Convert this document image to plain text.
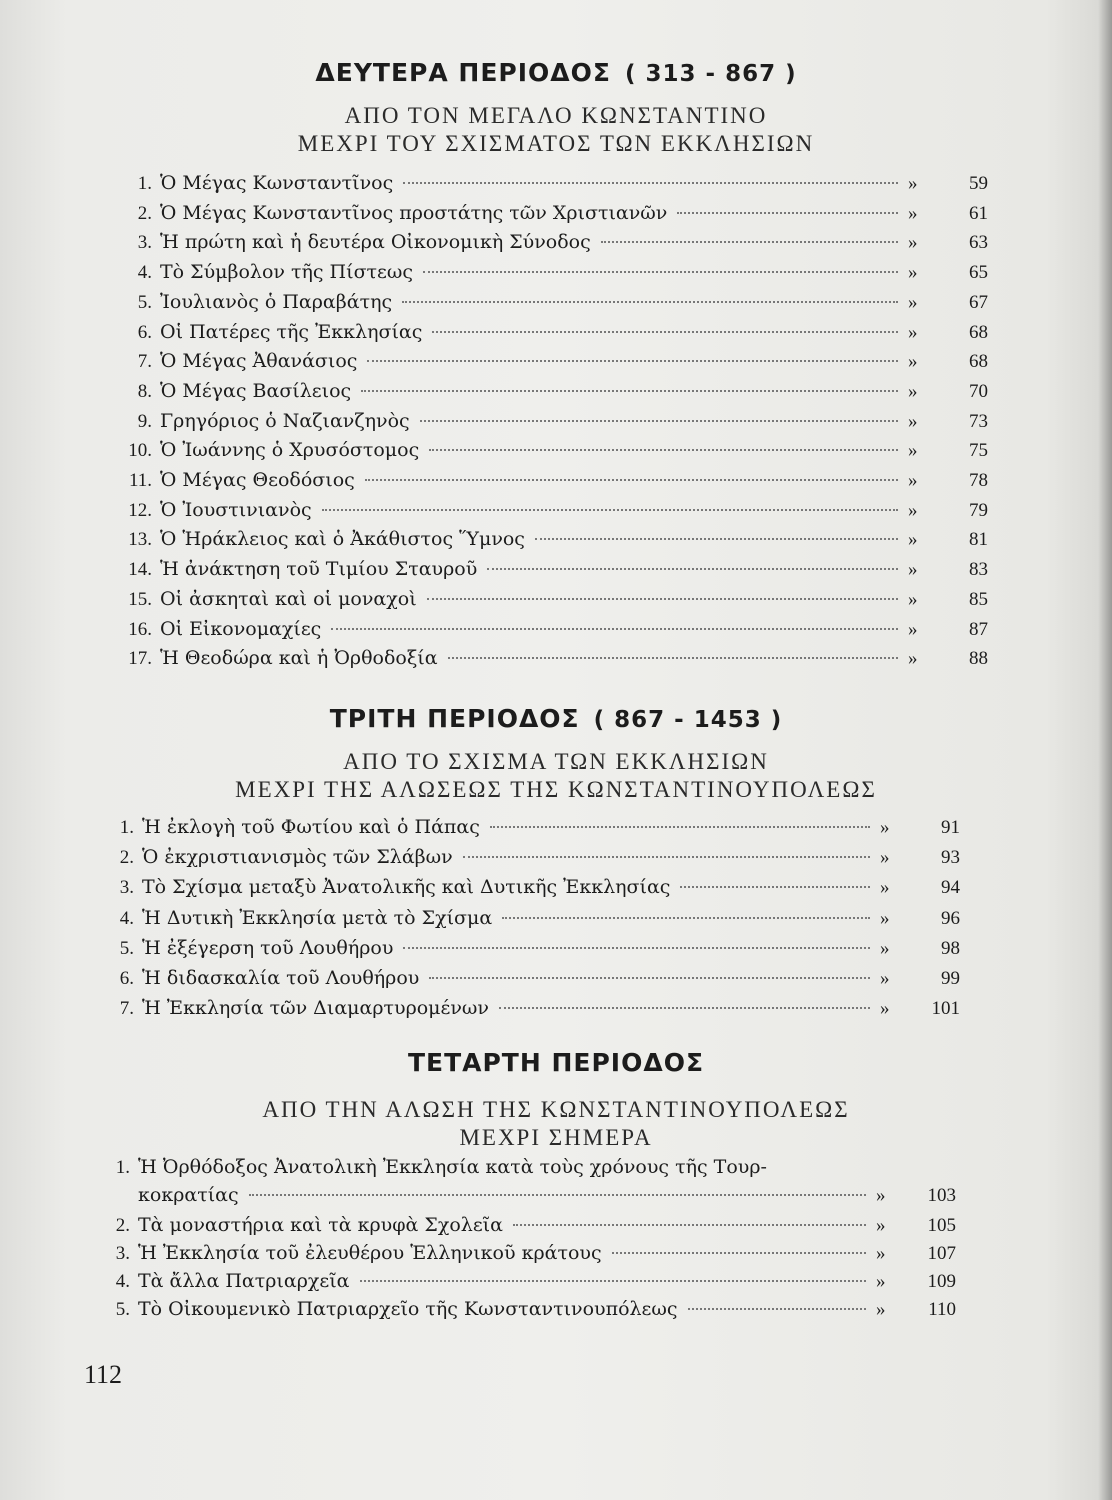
ΔΕΥΤΕΡΑ ΠΕΡΙΟΔΟΣ ( 313 - 867 )
ΑΠΟ ΤΟΝ ΜΕΓΑΛΟ ΚΩΝΣΤΑΝΤΙΝΟ
ΜΕΧΡΙ ΤΟΥ ΣΧΙΣΜΑΤΟΣ ΤΩΝ ΕΚΚΛΗΣΙΩΝ
1. Ὁ Μέγας Κωνσταντῖνος	»	59
2. Ὁ Μέγας Κωνσταντῖνος προστάτης τῶν Χριστιανῶν	»	61
3. Ἡ πρώτη καὶ ἡ δευτέρα Οἰκονομικὴ Σύνοδος	»	63
4. Τὸ Σύμβολον τῆς Πίστεως	»	65
5. Ἰουλιανὸς ὁ Παραβάτης	»	67
6. Οἱ Πατέρες τῆς Ἐκκλησίας	»	68
7. Ὁ Μέγας Ἀθανάσιος	»	68
8. Ὁ Μέγας Βασίλειος	»	70
9. Γρηγόριος ὁ Ναζιανζηνὸς	»	73
10. Ὁ Ἰωάννης ὁ Χρυσόστομος	»	75
11. Ὁ Μέγας Θεοδόσιος	»	78
12. Ὁ Ἰουστινιανὸς	»	79
13. Ὁ Ἡράκλειος καὶ ὁ Ἀκάθιστος Ὕμνος	»	81
14. Ἡ ἀνάκτηση τοῦ Τιμίου Σταυροῦ	»	83
15. Οἱ ἀσκηταὶ καὶ οἱ μοναχοὶ	»	85
16. Οἱ Εἰκονομαχίες	»	87
17. Ἡ Θεοδώρα καὶ ἡ Ὀρθοδοξία	»	88
ΤΡΙΤΗ ΠΕΡΙΟΔΟΣ ( 867 - 1453 )
ΑΠΟ ΤΟ ΣΧΙΣΜΑ ΤΩΝ ΕΚΚΛΗΣΙΩΝ
ΜΕΧΡΙ ΤΗΣ ΑΛΩΣΕΩΣ ΤΗΣ ΚΩΝΣΤΑΝΤΙΝΟΥΠΟΛΕΩΣ
1. Ἡ ἐκλογὴ τοῦ Φωτίου καὶ ὁ Πάπας	»	91
2. Ὁ ἐκχριστιανισμὸς τῶν Σλάβων	»	93
3. Τὸ Σχίσμα μεταξὺ Ἀνατολικῆς καὶ Δυτικῆς Ἐκκλησίας	»	94
4. Ἡ Δυτικὴ Ἐκκλησία μετὰ τὸ Σχίσμα	»	96
5. Ἡ ἐξέγερση τοῦ Λουθήρου	»	98
6. Ἡ διδασκαλία τοῦ Λουθήρου	»	99
7. Ἡ Ἐκκλησία τῶν Διαμαρτυρομένων	»	101
ΤΕΤΑΡΤΗ ΠΕΡΙΟΔΟΣ
ΑΠΟ ΤΗΝ ΑΛΩΣΗ ΤΗΣ ΚΩΝΣΤΑΝΤΙΝΟΥΠΟΛΕΩΣ
ΜΕΧΡΙ ΣΗΜΕΡΑ
1. Ἡ Ὀρθόδοξος Ἀνατολικὴ Ἐκκλησία κατὰ τοὺς χρόνους τῆς Τουρ-
κοκρατίας	»	103
2. Τὰ μοναστήρια καὶ τὰ κρυφὰ Σχολεῖα	»	105
3. Ἡ Ἐκκλησία τοῦ ἐλευθέρου Ἑλληνικοῦ κράτους	»	107
4. Τὰ ἄλλα Πατριαρχεῖα	»	109
5. Τὸ Οἰκουμενικὸ Πατριαρχεῖο τῆς Κωνσταντινουπόλεως	»	110
112
